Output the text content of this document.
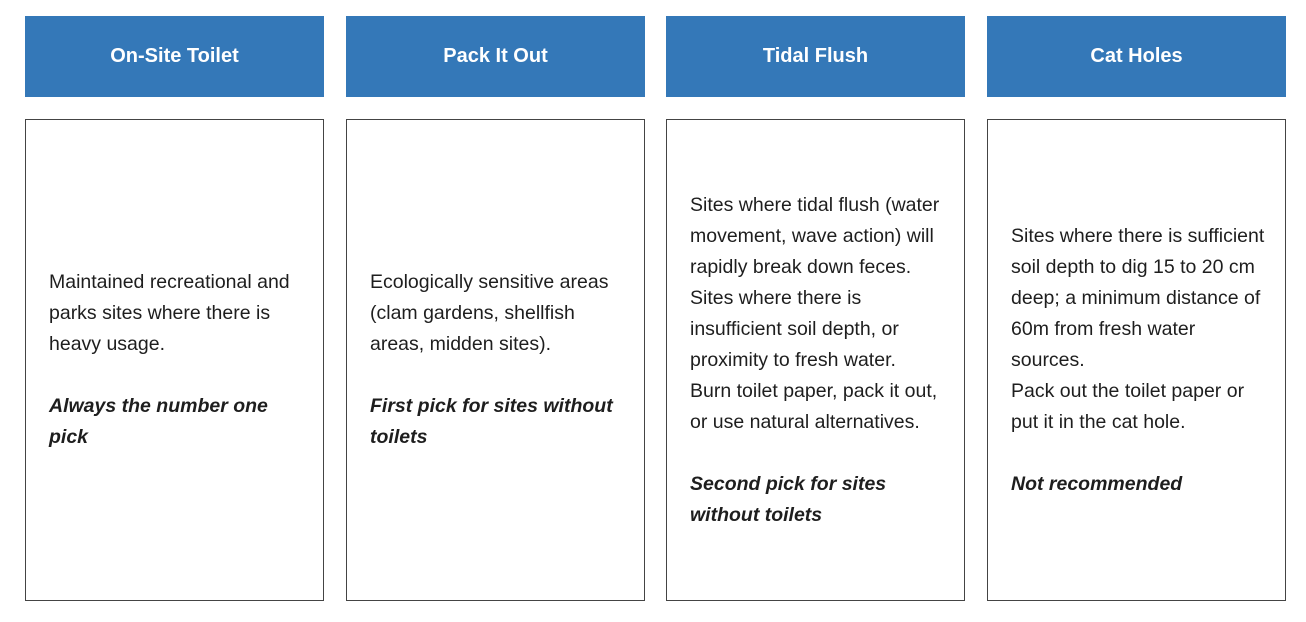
On-Site Toilet

Maintained recreational and parks sites where there is heavy usage.

Always the number one pick

Pack It Out

Ecologically sensitive areas (clam gardens, shellfish areas, midden sites).

First pick for sites without toilets

Tidal Flush

Sites where tidal flush (water movement, wave action) will rapidly break down feces.

Sites where there is insufficient soil depth, or proximity to fresh water.

Burn toilet paper, pack it out, or use natural alternatives.

Second pick for sites without toilets

Cat Holes

Sites where there is sufficient soil depth to dig 15 to 20 cm deep; a minimum distance of 60m from fresh water sources.

Pack out the toilet paper or put it in the cat hole.

Not recommended
